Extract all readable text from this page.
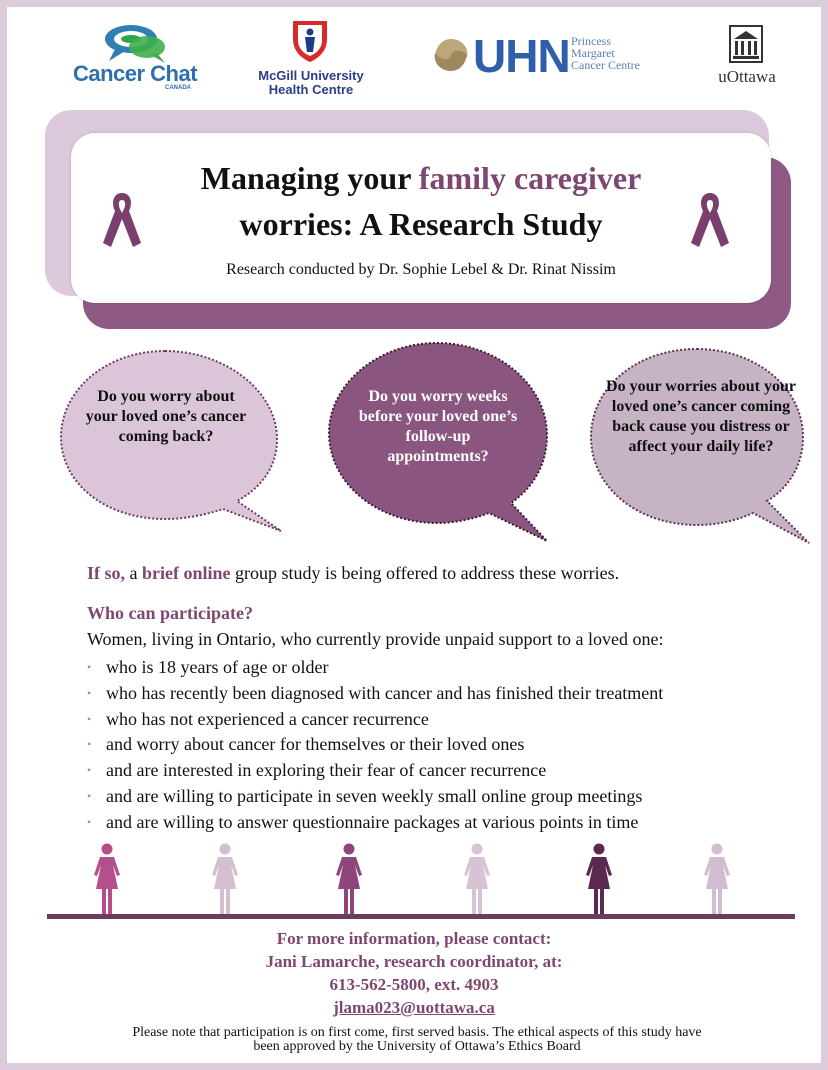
Cancer Chat
CANADA
McGill University
Health Centre
UHN Princess
Margaret
Cancer Centre
uOttawa
Managing your family caregiver
worries: A Research Study
Research conducted by Dr. Sophie Lebel & Dr. Rinat Nissim
Do you worry about your loved one’s cancer coming back?
Do you worry weeks before your loved one’s follow-up appointments?
Do your worries about your loved one’s cancer coming back cause you distress or affect your daily life?
If so, a brief online group study is being offered to address these worries.
Who can participate?
Women, living in Ontario, who currently provide unpaid support to a loved one:
• who is 18 years of age or older
• who has recently been diagnosed with cancer and has finished their treatment
• who has not experienced a cancer recurrence
• and worry about cancer for themselves or their loved ones
• and are interested in exploring their fear of cancer recurrence
• and are willing to participate in seven weekly small online group meetings
• and are willing to answer questionnaire packages at various points in time
For more information, please contact:
Jani Lamarche, research coordinator, at:
613-562-5800, ext. 4903
jlama023@uottawa.ca
Please note that participation is on first come, first served basis. The ethical aspects of this study have
been approved by the University of Ottawa’s Ethics Board
